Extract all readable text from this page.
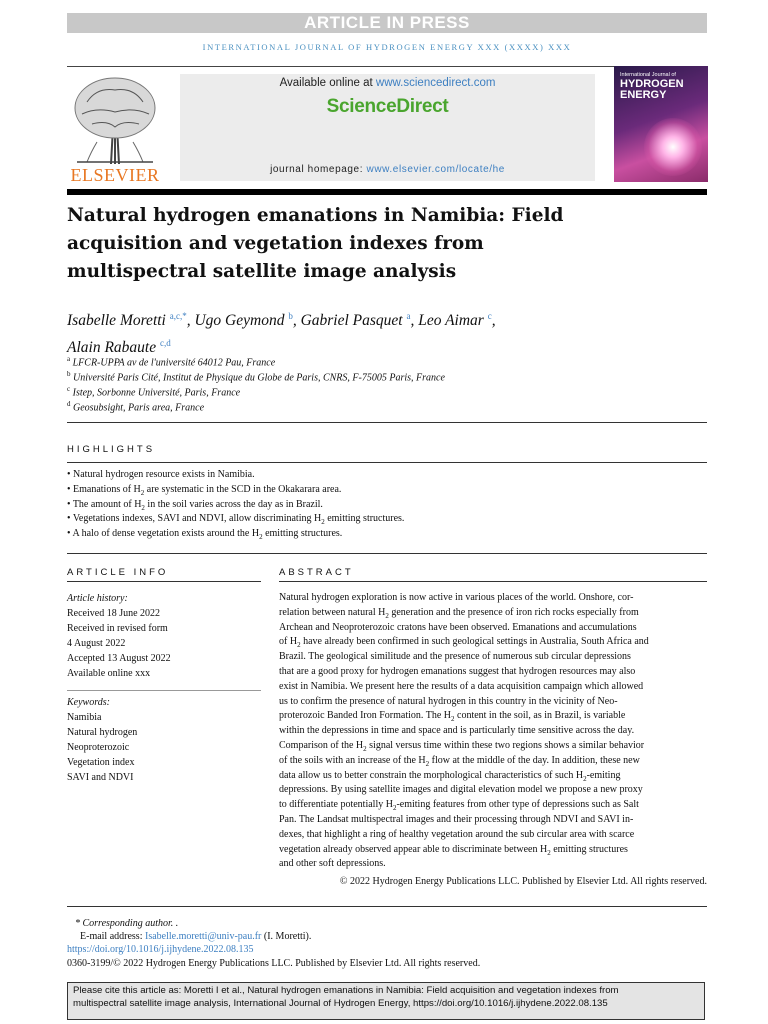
ARTICLE IN PRESS
INTERNATIONAL JOURNAL OF HYDROGEN ENERGY XXX (XXXX) XXX
ELSEVIER
Available online at www.sciencedirect.com
ScienceDirect
journal homepage: www.elsevier.com/locate/he
International Journal of
HYDROGEN
ENERGY
Natural hydrogen emanations in Namibia: Field
acquisition and vegetation indexes from
multispectral satellite image analysis
Isabelle Moretti $^{a,c,*}$, Ugo Geymond $^b$, Gabriel Pasquet $^a$, Leo Aimar $^c$,
Alain Rabaute $^{c,d}$
$^a$ LFCR-UPPA av de l'université 64012 Pau, France
$^b$ Université Paris Cité, Institut de Physique du Globe de Paris, CNRS, F-75005 Paris, France
$^c$ Istep, Sorbonne Université, Paris, France
$^d$ Geosubsight, Paris area, France
HIGHLIGHTS
• Natural hydrogen resource exists in Namibia.
• Emanations of $H_2$ are systematic in the SCD in the Okakarara area.
• The amount of $H_2$ in the soil varies across the day as in Brazil.
• Vegetations indexes, SAVI and NDVI, allow discriminating $H_2$ emitting structures.
• A halo of dense vegetation exists around the $H_2$ emitting structures.
ARTICLE INFO
Article history:
Received 18 June 2022
Received in revised form
4 August 2022
Accepted 13 August 2022
Available online xxx
Keywords:
Namibia
Natural hydrogen
Neoproterozoic
Vegetation index
SAVI and NDVI
ABSTRACT
Natural hydrogen exploration is now active in various places of the world. Onshore, cor-
relation between natural $H_2$ generation and the presence of iron rich rocks especially from
Archean and Neoproterozoic cratons have been observed. Emanations and accumulations
of $H_2$ have already been confirmed in such geological settings in Australia, South Africa and
Brazil. The geological similitude and the presence of numerous sub circular depressions
that are a good proxy for hydrogen emanations suggest that hydrogen resources may also
exist in Namibia. We present here the results of a data acquisition campaign which allowed
us to confirm the presence of natural hydrogen in this country in the vicinity of Neo-
proterozoic Banded Iron Formation. The $H_2$ content in the soil, as in Brazil, is variable
within the depressions in time and space and is particularly time sensitive across the day.
Comparison of the $H_2$ signal versus time within these two regions shows a similar behavior
of the soils with an increase of the $H_2$ flow at the middle of the day. In addition, these new
data allow us to better constrain the morphological characteristics of such $H_2$-emiting
depressions. By using satellite images and digital elevation model we propose a new proxy
to differentiate potentially $H_2$-emiting features from other type of depressions such as Salt
Pan. The Landsat multispectral images and their processing through NDVI and SAVI in-
dexes, that highlight a ring of healthy vegetation around the sub circular area with scarce
vegetation already observed appear able to discriminate between $H_2$ emitting structures
and other soft depressions.
© 2022 Hydrogen Energy Publications LLC. Published by Elsevier Ltd. All rights reserved.
* Corresponding author. .
E-mail address: Isabelle.moretti@univ-pau.fr (I. Moretti).
https://doi.org/10.1016/j.ijhydene.2022.08.135
0360-3199/© 2022 Hydrogen Energy Publications LLC. Published by Elsevier Ltd. All rights reserved.
Please cite this article as: Moretti I et al., Natural hydrogen emanations in Namibia: Field acquisition and vegetation indexes from
multispectral satellite image analysis, International Journal of Hydrogen Energy, https://doi.org/10.1016/j.ijhydene.2022.08.135
